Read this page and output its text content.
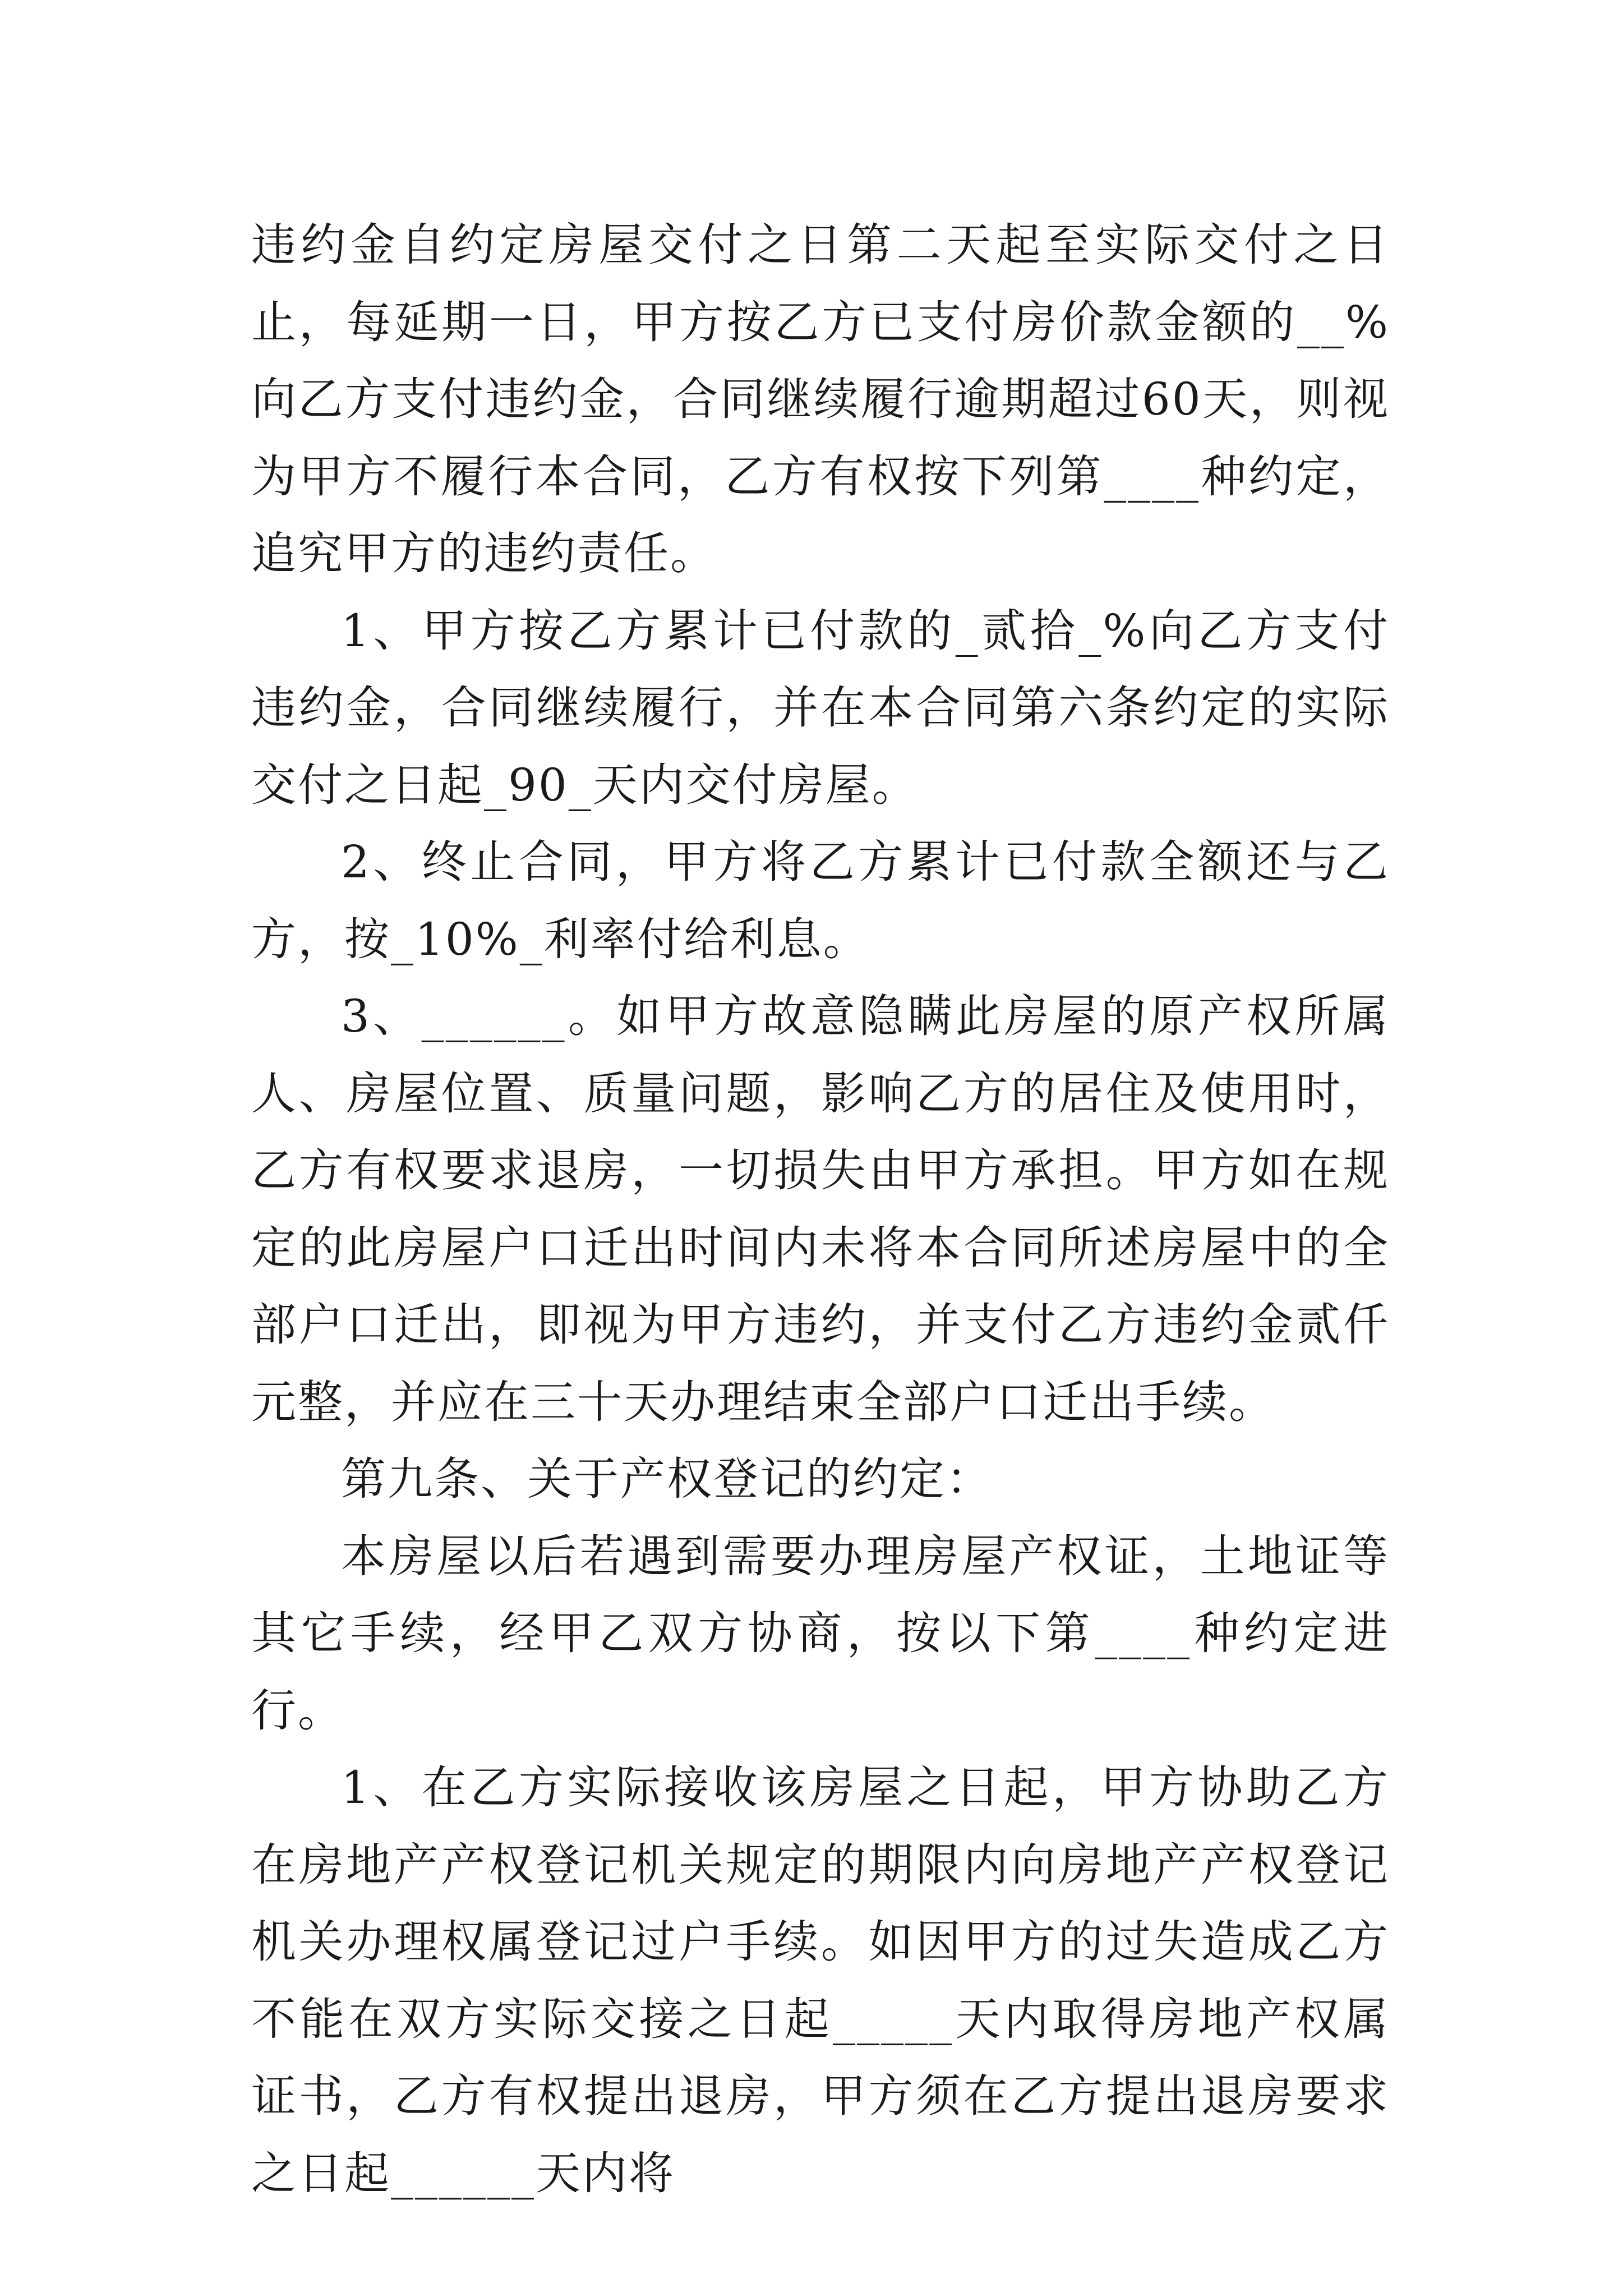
违约金自约定房屋交付之日第二天起至实际交付之日止，每延期一日，甲方按乙方已支付房价款金额的__%向乙方支付违约金，合同继续履行逾期超过60天，则视为甲方不履行本合同，乙方有权按下列第____种约定，追究甲方的违约责任。

1、甲方按乙方累计已付款的_贰拾_%向乙方支付违约金，合同继续履行，并在本合同第六条约定的实际交付之日起_90_天内交付房屋。

2、终止合同，甲方将乙方累计已付款全额还与乙方，按_10%_利率付给利息。

3、______。如甲方故意隐瞒此房屋的原产权所属人、房屋位置、质量问题，影响乙方的居住及使用时，乙方有权要求退房，一切损失由甲方承担。甲方如在规定的此房屋户口迁出时间内未将本合同所述房屋中的全部户口迁出，即视为甲方违约，并支付乙方违约金贰仟元整，并应在三十天办理结束全部户口迁出手续。

第九条、关于产权登记的约定：

本房屋以后若遇到需要办理房屋产权证，土地证等其它手续，经甲乙双方协商，按以下第____种约定进行。

1、在乙方实际接收该房屋之日起，甲方协助乙方在房地产产权登记机关规定的期限内向房地产产权登记机关办理权属登记过户手续。如因甲方的过失造成乙方不能在双方实际交接之日起_____天内取得房地产权属证书，乙方有权提出退房，甲方须在乙方提出退房要求之日起______天内将
